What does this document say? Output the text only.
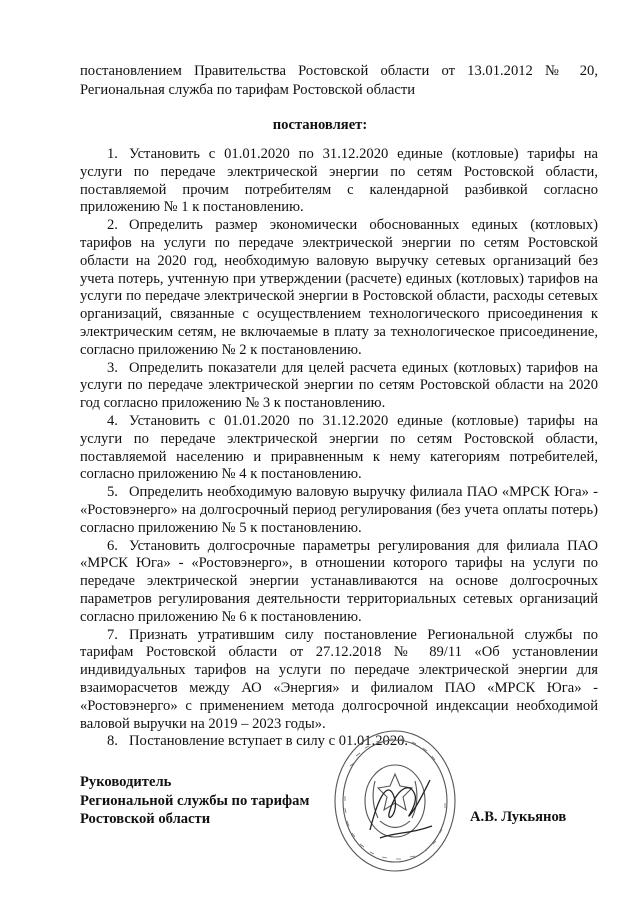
постановлением Правительства Ростовской области от 13.01.2012 № 20, Региональная служба по тарифам Ростовской области
постановляет:

1. Установить с 01.01.2020 по 31.12.2020 единые (котловые) тарифы на услуги по передаче электрической энергии по сетям Ростовской области, поставляемой прочим потребителям с календарной разбивкой согласно приложению № 1 к постановлению.

2. Определить размер экономически обоснованных единых (котловых) тарифов на услуги по передаче электрической энергии по сетям Ростовской области на 2020 год, необходимую валовую выручку сетевых организаций без учета потерь, учтенную при утверждении (расчете) единых (котловых) тарифов на услуги по передаче электрической энергии в Ростовской области, расходы сетевых организаций, связанные с осуществлением технологического присоединения к электрическим сетям, не включаемые в плату за технологическое присоединение, согласно приложению № 2 к постановлению.

3. Определить показатели для целей расчета единых (котловых) тарифов на услуги по передаче электрической энергии по сетям Ростовской области на 2020 год согласно приложению № 3 к постановлению.

4. Установить с 01.01.2020 по 31.12.2020 единые (котловые) тарифы на услуги по передаче электрической энергии по сетям Ростовской области, поставляемой населению и приравненным к нему категориям потребителей, согласно приложению № 4 к постановлению.

5. Определить необходимую валовую выручку филиала ПАО «МРСК Юга» - «Ростовэнерго» на долгосрочный период регулирования (без учета оплаты потерь) согласно приложению № 5 к постановлению.

6. Установить долгосрочные параметры регулирования для филиала ПАО «МРСК Юга» - «Ростовэнерго», в отношении которого тарифы на услуги по передаче электрической энергии устанавливаются на основе долгосрочных параметров регулирования деятельности территориальных сетевых организаций согласно приложению № 6 к постановлению.

7. Признать утратившим силу постановление Региональной службы по тарифам Ростовской области от 27.12.2018 № 89/11 «Об установлении индивидуальных тарифов на услуги по передаче электрической энергии для взаиморасчетов между АО «Энергия» и филиалом ПАО «МРСК Юга» - «Ростовэнерго» с применением метода долгосрочной индексации необходимой валовой выручки на 2019 – 2023 годы».

8. Постановление вступает в силу с 01.01.2020.

Руководитель
Региональной службы по тарифам
Ростовской области	А.В. Лукьянов
